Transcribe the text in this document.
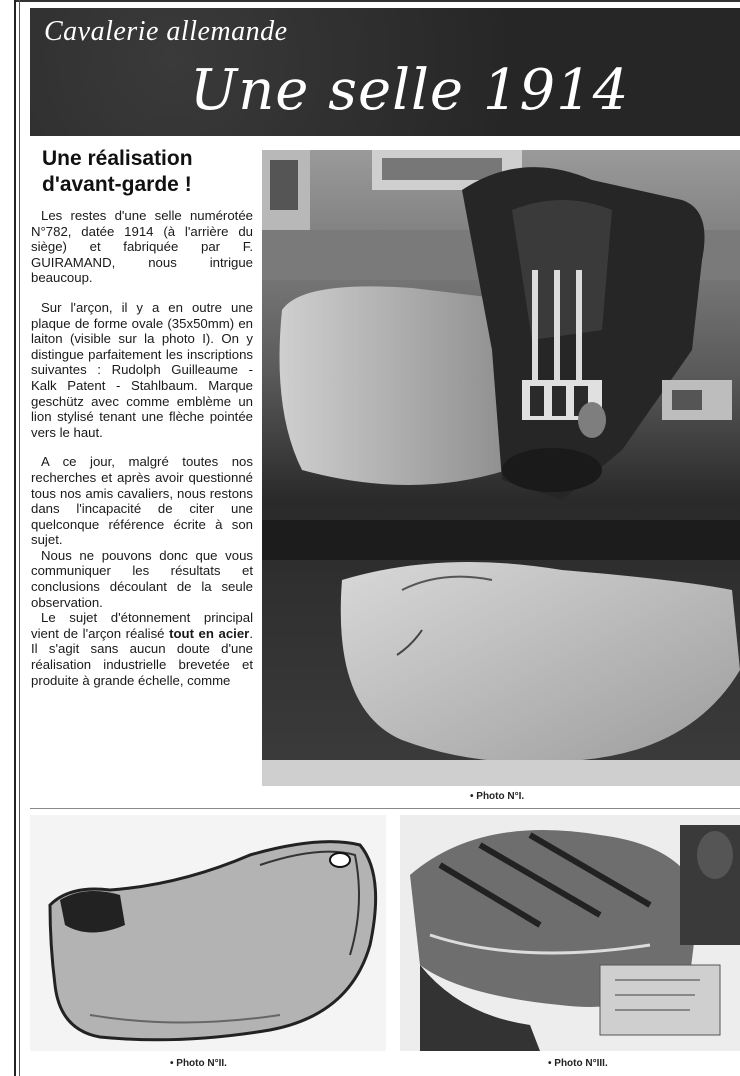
Cavalerie allemande
Une selle 1914
Une réalisation d'avant-garde !

Les restes d'une selle numérotée N°782, datée 1914 (à l'arrière du siège) et fabriquée par F. GUIRAMAND, nous intrigue beaucoup.

Sur l'arçon, il y a en outre une plaque de forme ovale (35x50mm) en laiton (visible sur la photo I). On y distingue parfaitement les inscriptions suivantes : Rudolph Guilleaume - Kalk Patent - Stahlbaum. Marque geschütz avec comme emblème un lion stylisé tenant une flèche pointée vers le haut.

A ce jour, malgré toutes nos recherches et après avoir questionné tous nos amis cavaliers, nous restons dans l'incapacité de citer une quelconque référence écrite à son sujet.

Nous ne pouvons donc que vous communiquer les résultats et conclusions découlant de la seule observation.

Le sujet d'étonnement principal vient de l'arçon réalisé tout en acier. Il s'agit sans aucun doute d'une réalisation industrielle brevetée et produite à grande échelle, comme

• Photo N°I.
• Photo N°II.	• Photo N°III.
